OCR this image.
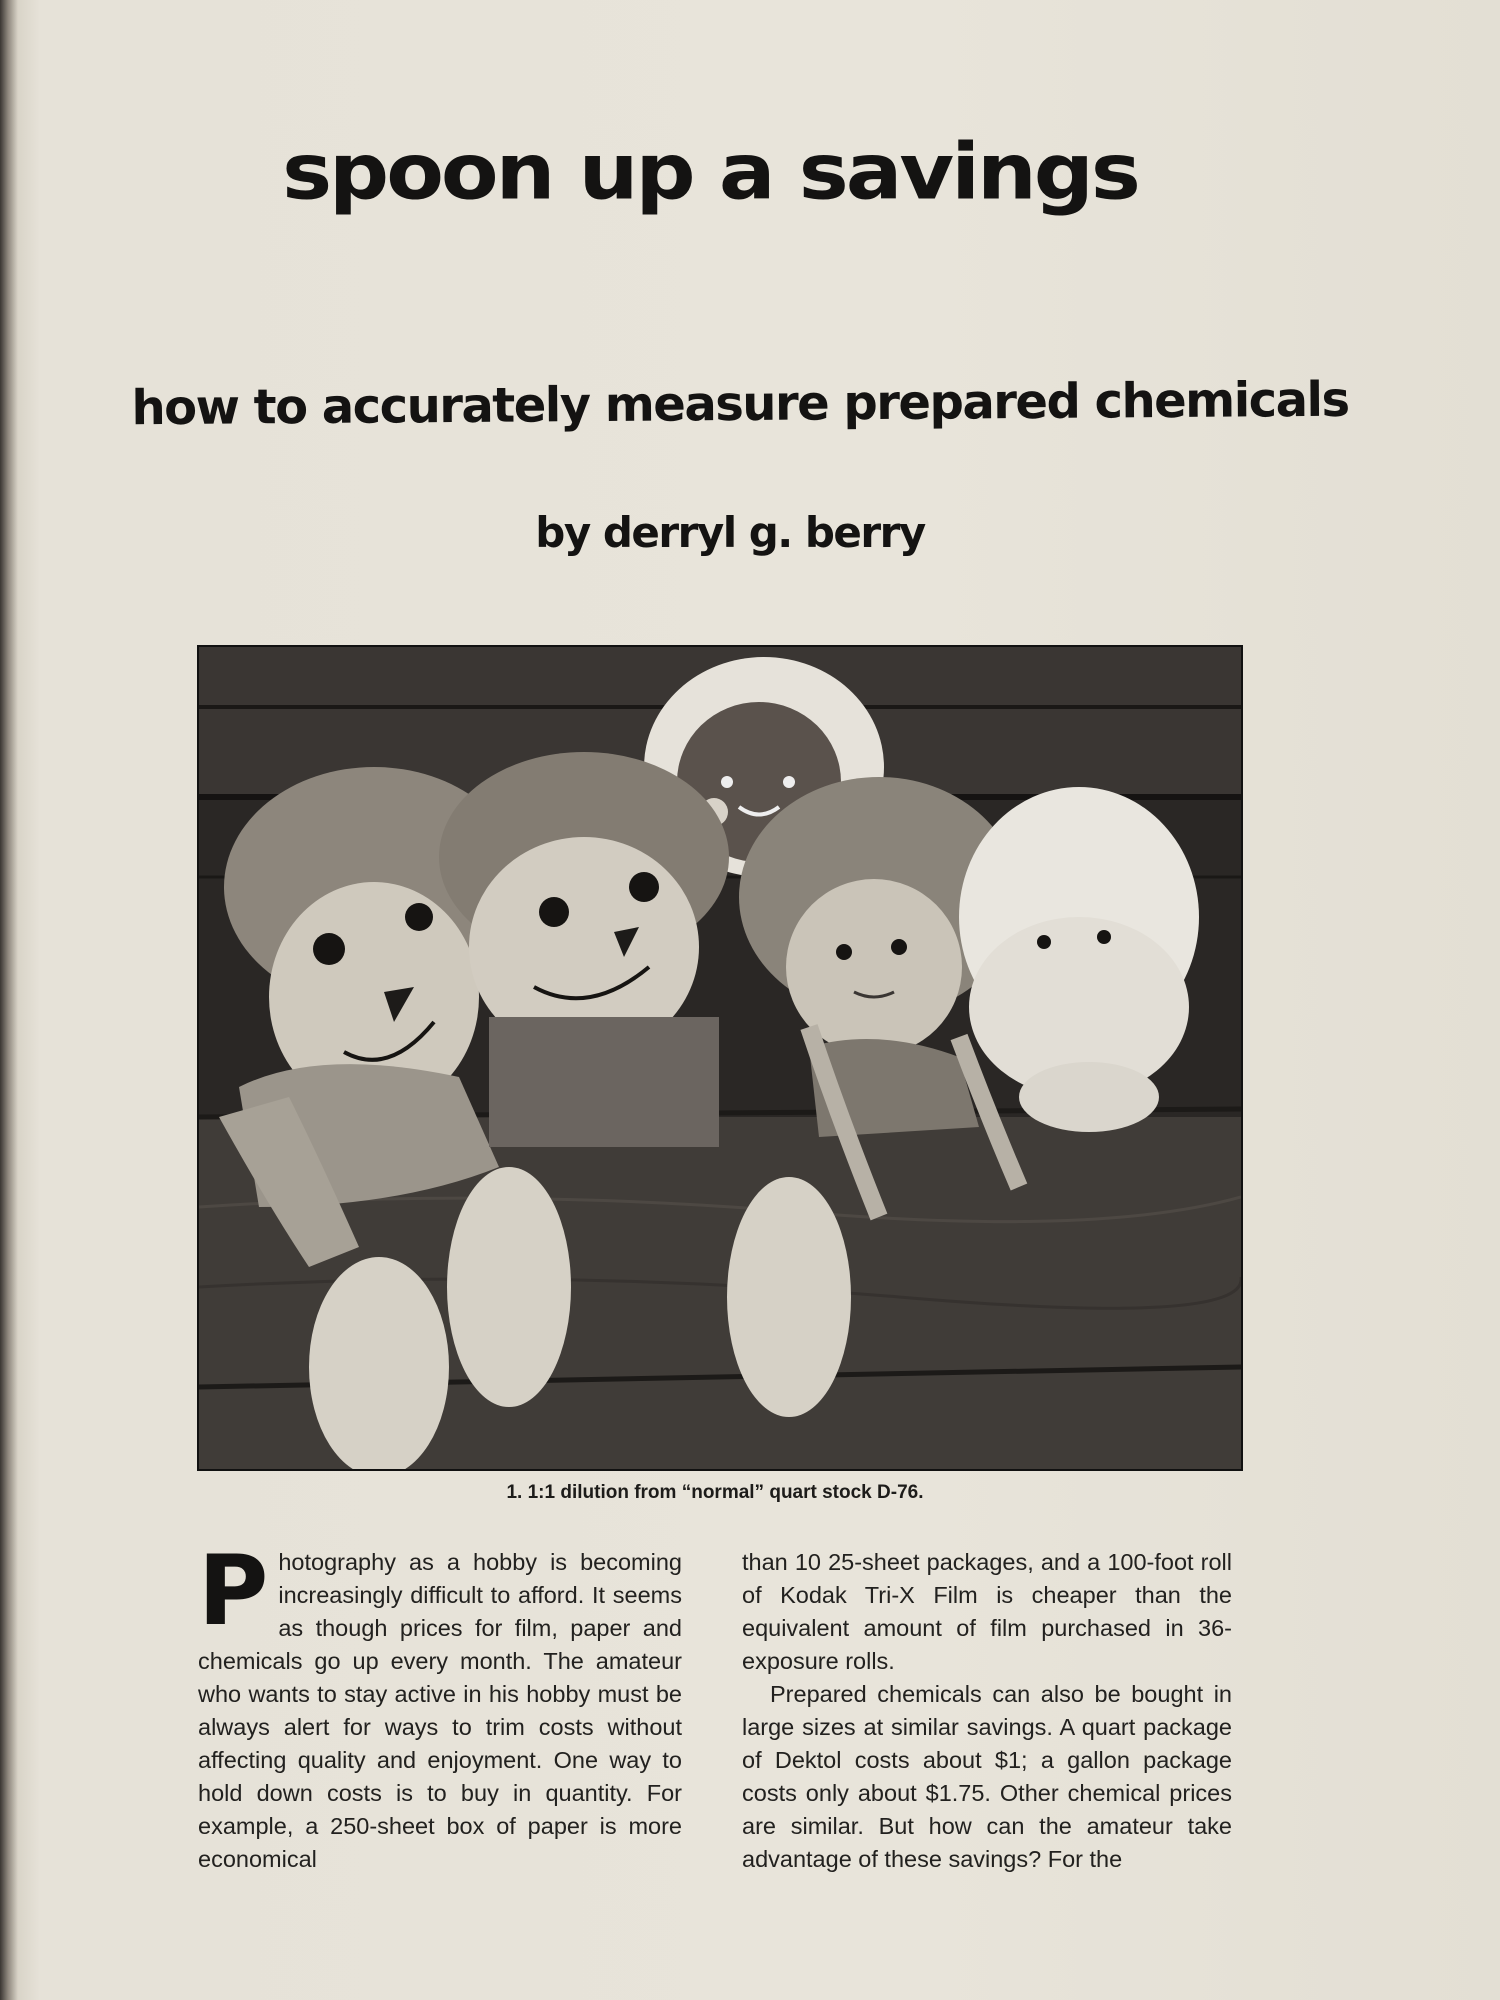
spoon up a savings
how to accurately measure prepared chemicals
by derryl g. berry
1. 1:1 dilution from “normal” quart stock D-76.

P hotography as a hobby is becoming increasingly difficult to afford. It seems as though prices for film, paper and chemicals go up every month. The amateur who wants to stay active in his hobby must be always alert for ways to trim costs without affecting quality and enjoyment. One way to hold down costs is to buy in quantity. For example, a 250-sheet box of paper is more economical

than 10 25-sheet packages, and a 100-foot roll of Kodak Tri-X Film is cheaper than the equivalent amount of film purchased in 36-exposure rolls.

Prepared chemicals can also be bought in large sizes at similar savings. A quart package of Dektol costs about $1; a gallon package costs only about $1.75. Other chemical prices are similar. But how can the amateur take advantage of these savings? For the
